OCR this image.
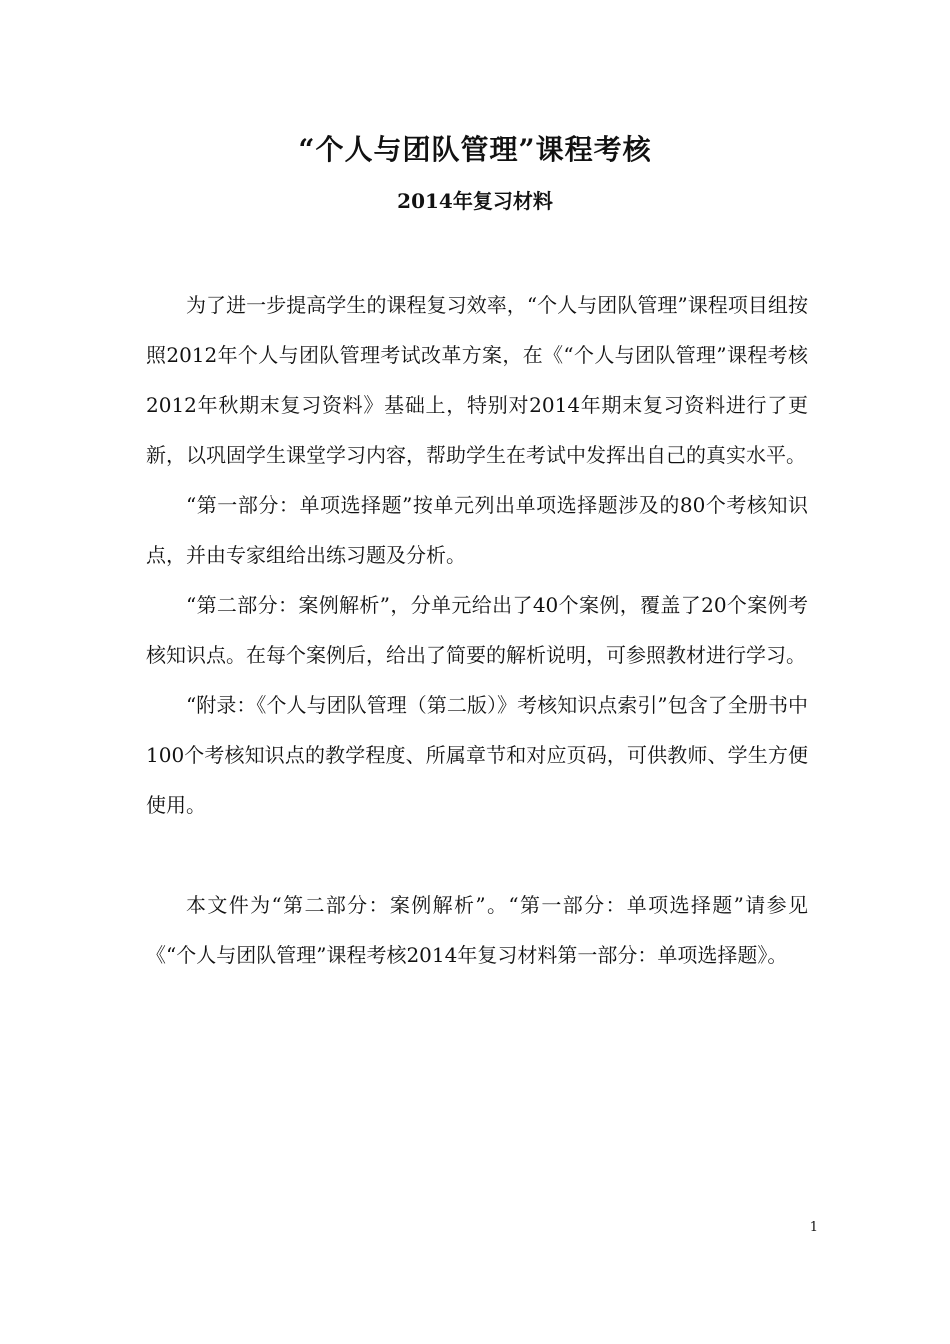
“个人与团队管理”课程考核
2014年复习材料

为了进一步提高学生的课程复习效率，“个人与团队管理”课程项目组按照2012年个人与团队管理考试改革方案，在《“个人与团队管理”课程考核2012年秋期末复习资料》基础上，特别对2014年期末复习资料进行了更新，以巩固学生课堂学习内容，帮助学生在考试中发挥出自己的真实水平。

“第一部分：单项选择题”按单元列出单项选择题涉及的80个考核知识点，并由专家组给出练习题及分析。

“第二部分：案例解析”，分单元给出了40个案例，覆盖了20个案例考核知识点。在每个案例后，给出了简要的解析说明，可参照教材进行学习。

“附录：《个人与团队管理（第二版）》考核知识点索引”包含了全册书中100个考核知识点的教学程度、所属章节和对应页码，可供教师、学生方便使用。

本文件为“第二部分：案例解析”。“第一部分：单项选择题”请参见《“个人与团队管理”课程考核2014年复习材料第一部分：单项选择题》。

1
